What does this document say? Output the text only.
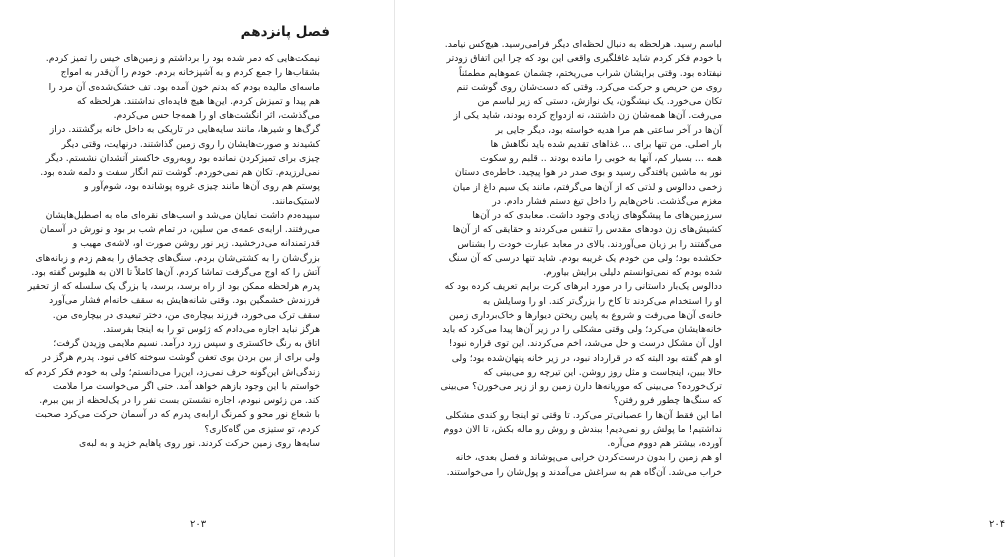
فصل پانزدهم
نیمکت‌هایی که دمر شده بود را برداشتم و زمین‌های خیس را تمیز کردم.
بشقاب‌ها را جمع کردم و به آشپزخانه بردم. خودم را آن‌قدر به امواج
ماسه‌ای مالیده بودم که بدنم خون آمده بود. تف خشک‌شده‌ی آن مرد را
هم پیدا و تمیزش کردم. این‌ها هیچ فایده‌ای نداشتند. هرلحظه که
می‌گذشت، اثر انگشت‌های او را همه‌جا حس می‌کردم.
گرگ‌ها و شیرها، مانند سایه‌هایی در تاریکی به داخل خانه برگشتند. دراز
کشیدند و صورت‌هایشان را روی زمین گذاشتند. درنهایت، وقتی دیگر
چیزی برای تمیزکردن نمانده بود روبه‌روی خاکستر آتشدان نشستم. دیگر
نمی‌لرزیدم. تکان هم نمی‌خوردم. گوشت تنم انگار سفت و دلمه شده بود.
پوستم هم روی آن‌ها مانند چیزی غروه پوشانده بود، شوم‌آور و
لاستیک‌مانند.
سپیده‌دم داشت نمایان می‌شد و اسب‌های نقره‌ای ماه به اصطبل‌هایشان
می‌رفتند. ارابه‌ی عمه‌ی من سلین، در تمام شب بر بود و نورش در آسمان
قدرتمندانه می‌درخشید. زیر نور روشن صورت او، لاشه‌ی مهیب و
بزرگ‌شان را به کشتی‌شان بردم. سنگ‌های چخماق را به‌هم زدم و زبانه‌های
آتش را که اوج می‌گرفت تماشا کردم. آن‌ها کاملاً تا الان به هلیوس گفته بود.
پدرم هرلحظه ممکن بود از راه برسد، برسد، یا بزرگ یک سلسله که از تحقیر
فرزندش خشمگین بود. وقتی شانه‌هایش به سقف خانه‌ام فشار می‌آورد
سقف ترک می‌خورد، فرزند بیچاره‌ی من، دختر تبعیدی در بیچاره‌ی من.
هرگز نباید اجازه می‌دادم که ژئوس تو را به اینجا بفرستد.
اتاق به رنگ خاکستری و سپس زرد درآمد. نسیم ملایمی وزیدن گرفت؛
ولی برای از بین بردن بوی تعفن گوشت سوخته کافی نبود. پدرم هرگز در
زندگی‌اش این‌گونه حرف نمی‌زد، این‌را می‌دانستم؛ ولی به خودم فکر کردم که
خواستم با این وجود بازهم خواهد آمد. حتی اگر می‌خواست مرا ملامت
کند. من زئوس نبودم، اجازه نشستن بست نفر را در یک‌لحظه از بین ببرم.
با شعاع نور محو و کمرنگ ارابه‌ی پدرم که در آسمان حرکت می‌کرد صحبت
کردم، تو ستیزی من گاه‌کاری؟
سایه‌ها روی زمین حرکت کردند. نور روی پاهایم خزید و به لبه‌ی
۲۰۳
لباسم رسید. هرلحظه به دنبال لحظه‌ای دیگر فرامی‌رسید. هیچ‌کس نیامد.
با خودم فکر کردم شاید غافلگیری واقعی این بود که چرا این اتفاق زودتر
نیفتاده بود. وقتی برایشان شراب می‌ریختم، چشمان عموهایم مطمئناً
روی من حریص و حرکت می‌کرد. وقتی که دست‌شان روی گوشت تنم
تکان می‌خورد. یک نیشگون، یک نوازش، دستی که زیر لباسم من
می‌رفت. آن‌ها همه‌شان زن داشتند، نه ازدواج کرده بودند، شاید یکی از
آن‌ها در آخر ساعتی هم مرا هدیه خواسته بود، دیگر جایی بر
بار اصلی. من تنها برای ... غذاهای تقدیم شده باید نگاهش ها
همه ... بسیار کم، آنها به خوبی را مانده بودند .. قلبم رو سکوت
نور به ماشین یافتدگی رسید و بوی صدر در هوا پیچید. خاطره‌ی دستان
زخمی ددالوس و لذتی که از آن‌ها می‌گرفتم، مانند یک سیم داغ از میان
مغزم می‌گذشت. ناخن‌هایم را داخل تیغ دستم فشار دادم. در
سرزمین‌های ما پیشگوهای زیادی وجود داشت. معابدی که در آن‌ها
کشیش‌های زن دودهای مقدس را تنفس می‌کردند و حقایقی که از آن‌ها
می‌گفتند را بر زبان می‌آوردند. بالای در معابد عبارت خودت را بشناس
حکشده بود؛ ولی من خودم یک غریبه بودم. شاید تنها درسی که آن سنگ
شده بودم که نمی‌توانستم دلیلی برایش بیاورم.
ددالوس یک‌بار داستانی را در مورد ابرهای کرت برایم تعریف کرده بود که
او را استخدام می‌کردند تا کاخ را بزرگ‌تر کند. او را وسایلش به
خانه‌ی آن‌ها می‌رفت و شروع به پایین ریختن دیوارها و خاک‌برداری زمین
خانه‌هایشان می‌کرد؛ ولی وقتی مشکلی را در زیر آن‌ها پیدا می‌کرد که باید
اول آن مشکل درست و حل می‌شد، اخم می‌کردند. این توی قراره نبود!
او هم گفته بود البته که در قرارداد نبود، در زیر خانه پنهان‌شده بود؛ ولی
حالا ببین، اینجاست و مثل روز روشن. این تیرچه رو می‌بینی که
ترک‌خورده؟ می‌بینی که موریانه‌ها دارن زمین رو از زیر می‌خورن؟ می‌بینی
که سنگ‌ها چطور فرو رفتن؟
اما این فقط آن‌ها را عصبانی‌تر می‌کرد. تا وقتی تو اینجا رو کندی مشکلی
نداشتیم! ما پولش رو نمی‌دیم! ببندش و روش رو ماله بکش، تا الان دووم
آورده، بیشتر هم دووم می‌آره.
او هم زمین را بدون درست‌کردن خرابی می‌پوشاند و فصل بعدی، خانه
خراب می‌شد. آن‌گاه هم به سراغش می‌آمدند و پول‌شان را می‌خواستند.
۲۰۴
